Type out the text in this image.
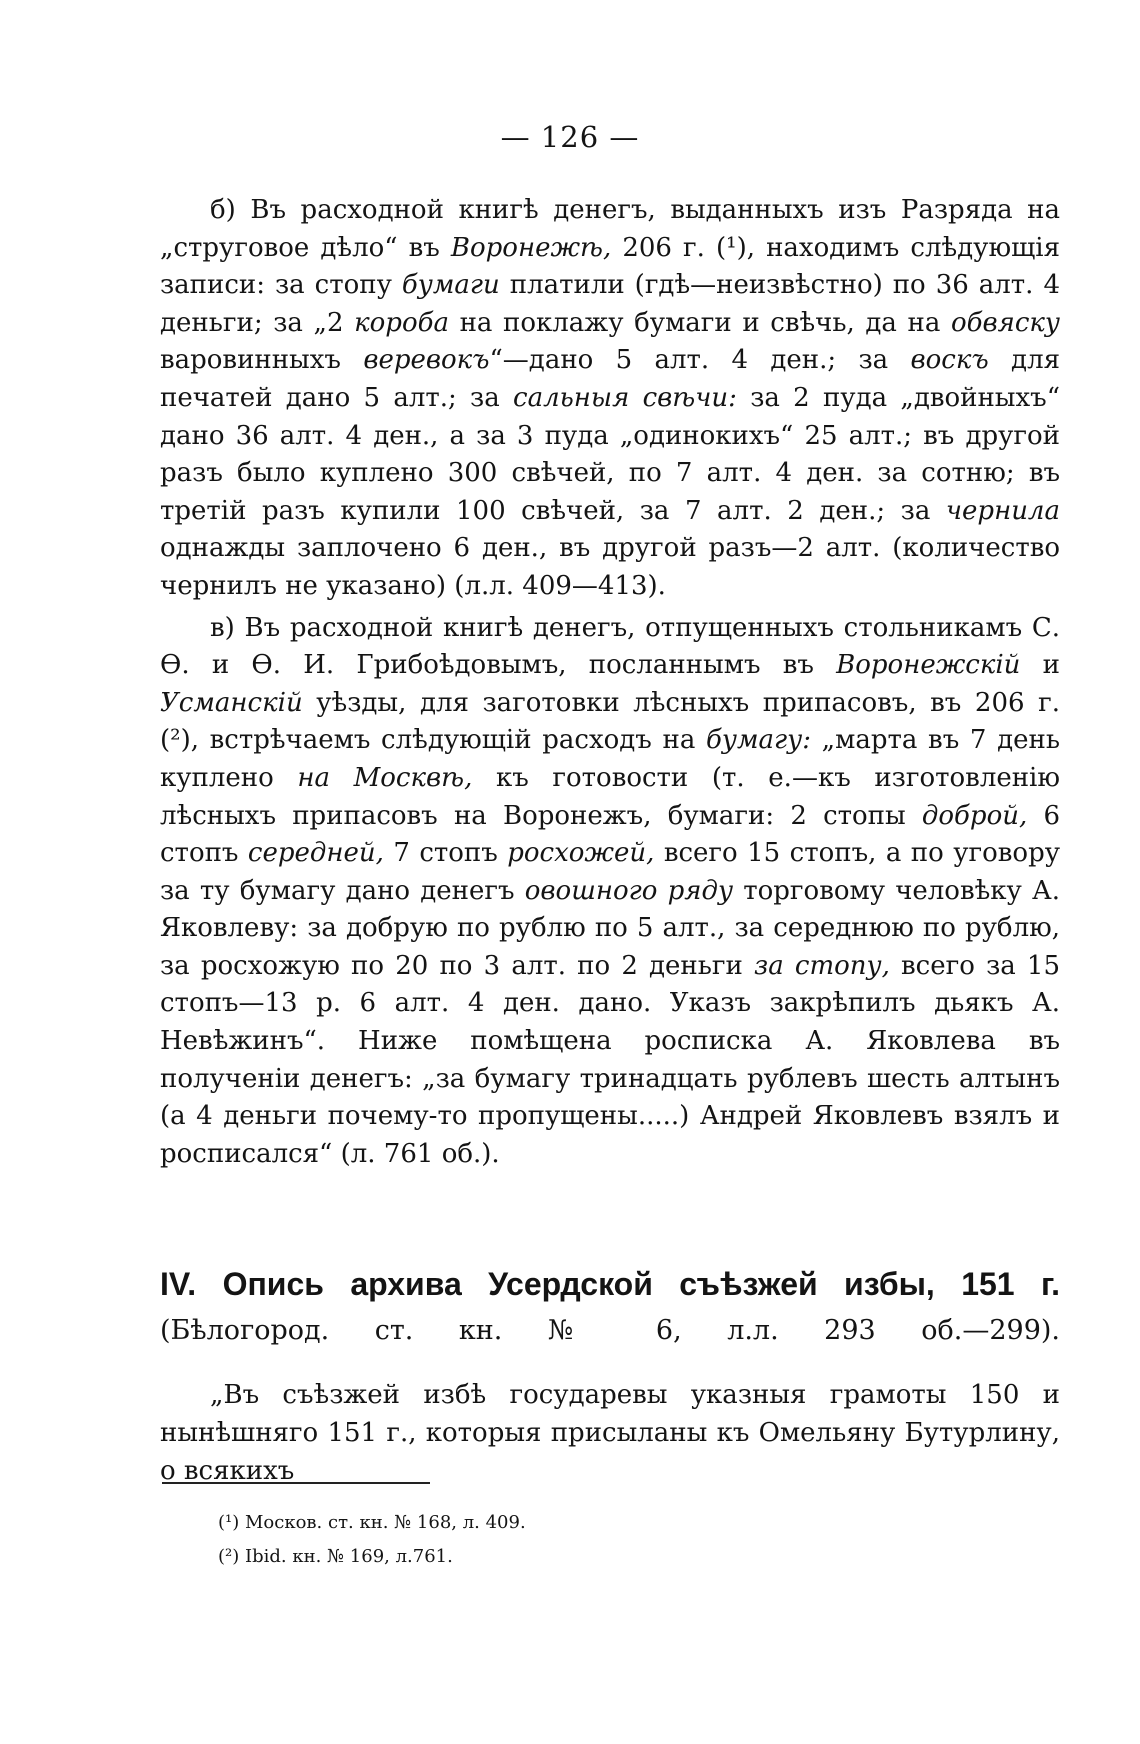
— 126 —

б) Въ расходной книгѣ денегъ, выданныхъ изъ Разряда на „струговое дѣло“ въ Воронежѣ, 206 г. (¹), находимъ слѣдующія записи: за стопу бумаги платили (гдѣ—неизвѣстно) по 36 алт. 4 деньги; за „2 короба на поклажу бумаги и свѣчь, да на обвяску варовинныхъ веревокъ“—дано 5 алт. 4 ден.; за воскъ для печатей дано 5 алт.; за сальныя свѣчи: за 2 пуда „двойныхъ“ дано 36 алт. 4 ден., а за 3 пуда „одинокихъ“ 25 алт.; въ другой разъ было куплено 300 свѣчей, по 7 алт. 4 ден. за сотню; въ третій разъ купили 100 свѣчей, за 7 алт. 2 ден.; за чернила однажды заплочено 6 ден., въ другой разъ—2 алт. (количество чернилъ не указано) (л.л. 409—413).

в) Въ расходной книгѣ денегъ, отпущенныхъ стольникамъ С. Ѳ. и Ѳ. И. Грибоѣдовымъ, посланнымъ въ Воронежскій и Усманскій уѣзды, для заготовки лѣсныхъ припасовъ, въ 206 г. (²), встрѣчаемъ слѣдующій расходъ на бумагу: „марта въ 7 день куплено на Москвѣ, къ готовости (т. е.—къ изготовленію лѣсныхъ припасовъ на Воронежъ, бумаги: 2 стопы доброй, 6 стопъ середней, 7 стопъ росхожей, всего 15 стопъ, а по уговору за ту бумагу дано денегъ овошного ряду торговому человѣку А. Яковлеву: за добрую по рублю по 5 алт., за середнюю по рублю, за росхожую по 20 по 3 алт. по 2 деньги за стопу, всего за 15 стопъ—13 р. 6 алт. 4 ден. дано. Указъ закрѣпилъ дьякъ А. Невѣжинъ“. Ниже помѣщена росписка А. Яковлева въ полученіи денегъ: „за бумагу тринадцать рублевъ шесть алтынъ (а 4 деньги почему-то пропущены.....) Андрей Яковлевъ взялъ и росписался“ (л. 761 об.).

IV. Опись архива Усердской съѣзжей избы, 151 г. (Бѣлогород. ст. кн. № 6, л.л. 293 об.—299).

„Въ съѣзжей избѣ государевы указныя грамоты 150 и нынѣшняго 151 г., которыя присыланы къ Омельяну Бутурлину, о всякихъ

(¹) Москов. ст. кн. № 168, л. 409.

(²) Ibid. кн. № 169, л.761.
